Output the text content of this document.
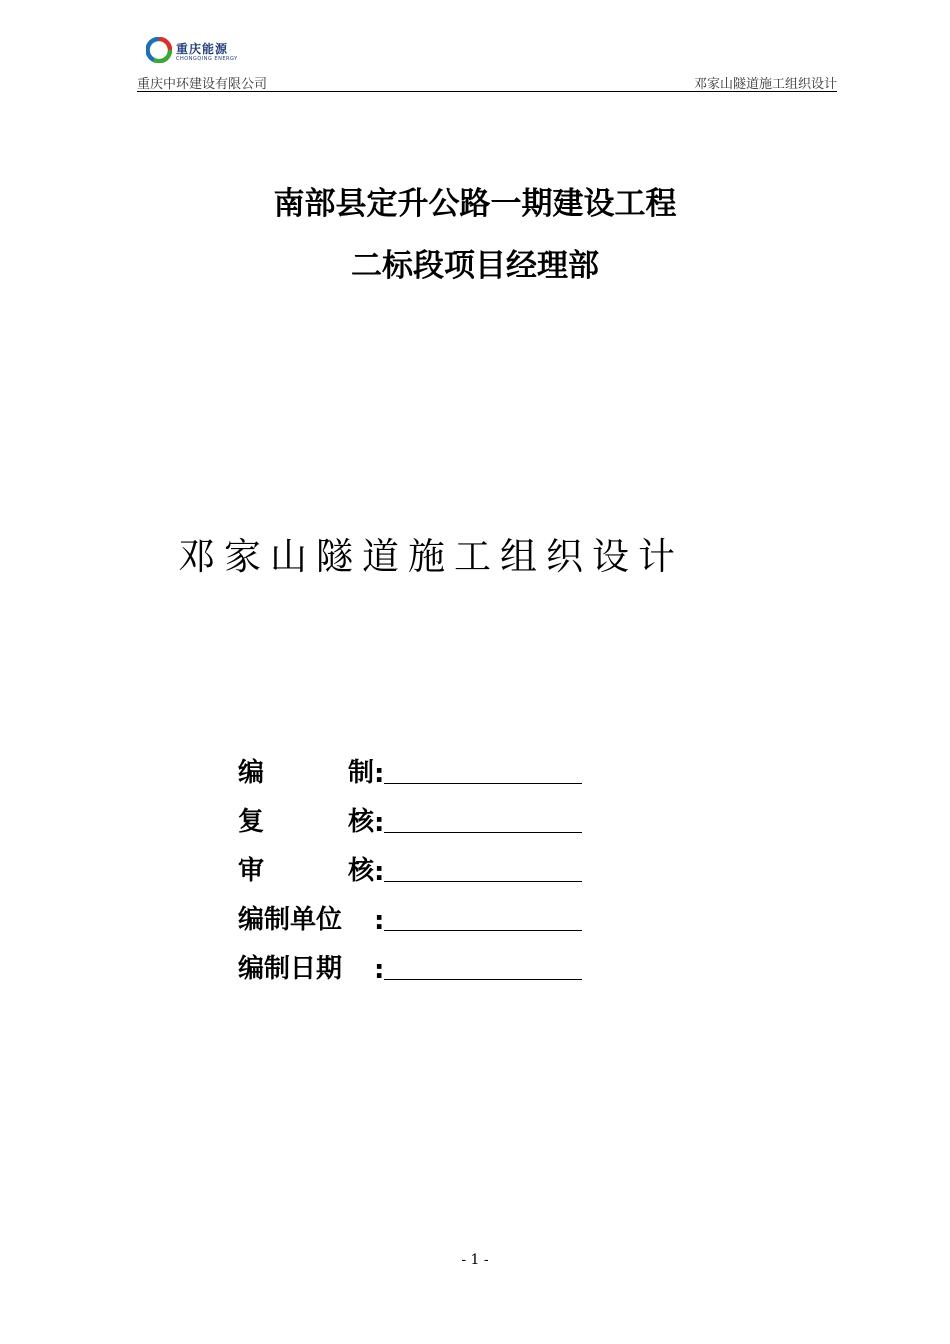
重庆能源
CHONGQING ENERGY
重庆中环建设有限公司	邓家山隧道施工组织设计
南部县定升公路一期建设工程
二标段项目经理部
邓家山隧道施工组织设计
编	制 :
复	核 :
审	核 :
编制单位	:
编制日期	:
- 1 -
